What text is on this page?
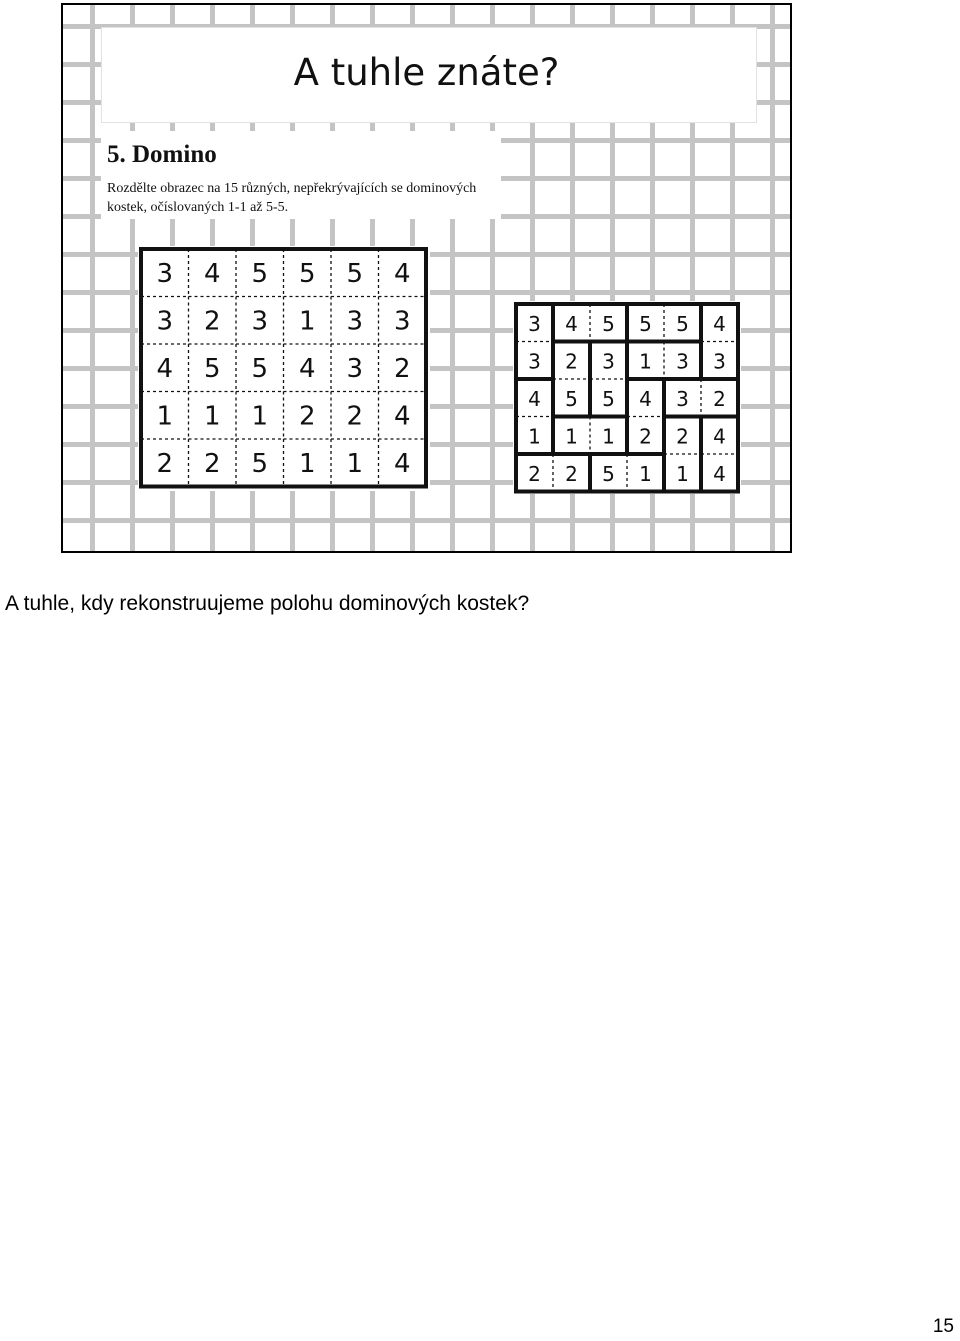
A tuhle znáte?
5. Domino
Rozdělte obrazec na 15 různých, nepřekrývajících se dominových kostek, očíslovaných 1-1 až 5-5.
3 4 5 5 5 4
3 2 3 1 3 3
4 5 5 4 3 2
1 1 1 2 2 4
2 2 5 1 1 4
3 4 5 5 5 4
3 2 3 1 3 3
4 5 5 4 3 2
1 1 1 2 2 4
2 2 5 1 1 4
A tuhle, kdy rekonstruujeme polohu dominových kostek?
15
